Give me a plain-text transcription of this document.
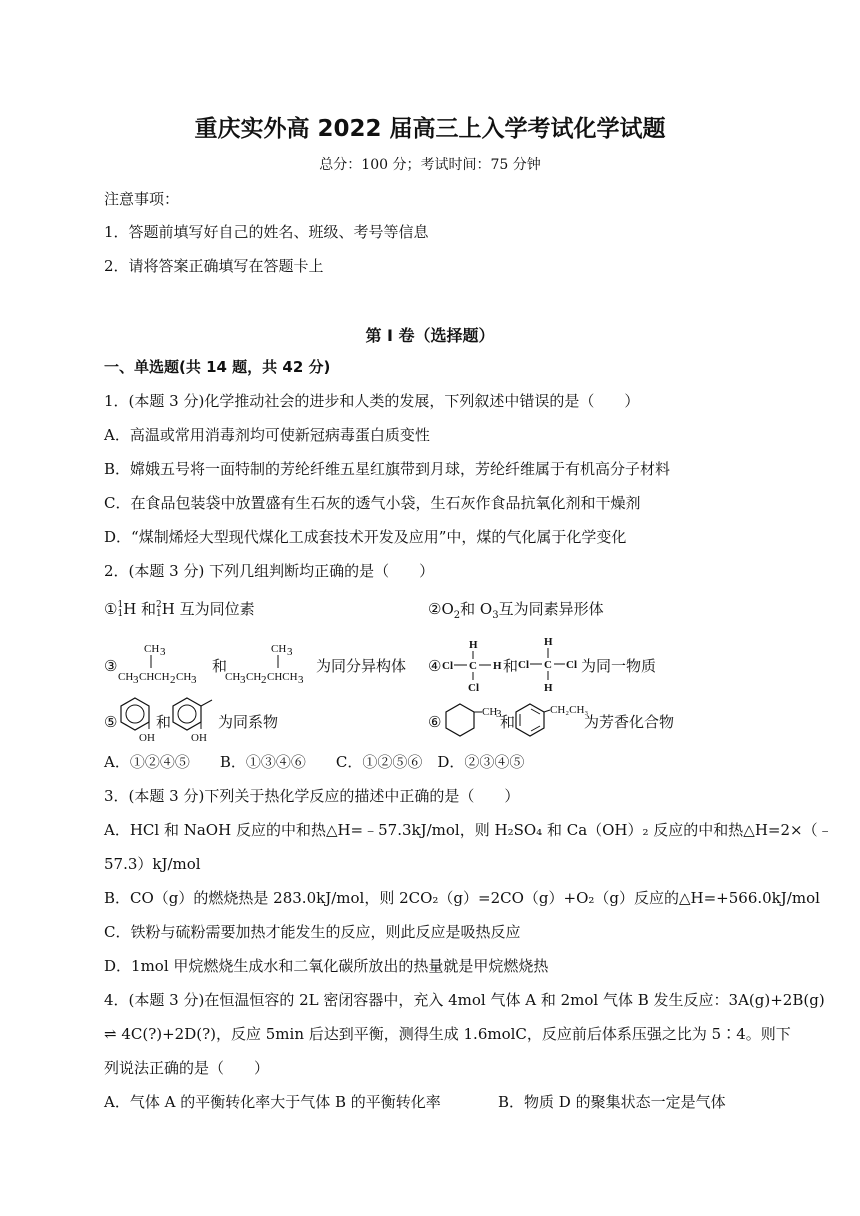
重庆实外高 2022 届高三上入学考试化学试题
总分：100 分；考试时间：75 分钟
注意事项：
1．答题前填写好自己的姓名、班级、考号等信息
2．请将答案正确填写在答题卡上
第 I 卷（选择题）
一、单选题(共 14 题，共 42 分)
1．(本题 3 分)化学推动社会的进步和人类的发展，下列叙述中错误的是（　　）
A．高温或常用消毒剂均可使新冠病毒蛋白质变性
B．嫦娥五号将一面特制的芳纶纤维五星红旗带到月球，芳纶纤维属于有机高分子材料
C．在食品包装袋中放置盛有生石灰的透气小袋，生石灰作食品抗氧化剂和干燥剂
D．“煤制烯烃大型现代煤化工成套技术开发及应用”中，煤的气化属于化学变化
2．(本题 3 分) 下列几组判断均正确的是（　　）
① 1
1 H 和 2
1 H 互为同位素	$②O_2$和 $O_3$互为同素异形体
③
CH 3
CH 3 CHCH 2 CH 3
和
CH 3
CH 3 CH 2 CHCH 3
为同分异构体 ④
H
Cl C H
Cl
和
H
Cl C Cl
H
为同一物质
⑤
OH
和
OH
为同系物	⑥
CH
3
和
CH₂CH₃
为芳香化合物
A．①②④⑤　　B．①③④⑥　　C．①②⑤⑥　D．②③④⑤
3．(本题 3 分)下列关于热化学反应的描述中正确的是（　　）
A．HCl 和 NaOH 反应的中和热△H=﹣57.3kJ/mol，则 H₂SO₄ 和 Ca（OH）₂ 反应的中和热△H=2×（﹣
57.3）kJ/mol
B．CO（g）的燃烧热是 283.0kJ/mol，则 2CO₂（g）=2CO（g）+O₂（g）反应的△H=+566.0kJ/mol
C．铁粉与硫粉需要加热才能发生的反应，则此反应是吸热反应
D．1mol 甲烷燃烧生成水和二氧化碳所放出的热量就是甲烷燃烧热
4．(本题 3 分)在恒温恒容的 2L 密闭容器中，充入 4mol 气体 A 和 2mol 气体 B 发生反应：3A(g)+2B(g)
⇌ 4C(?)+2D(?)，反应 5min 后达到平衡，测得生成 1.6molC，反应前后体系压强之比为 5∶4。则下
列说法正确的是（　　）
A．气体 A 的平衡转化率大于气体 B 的平衡转化率	B．物质 D 的聚集状态一定是气体
